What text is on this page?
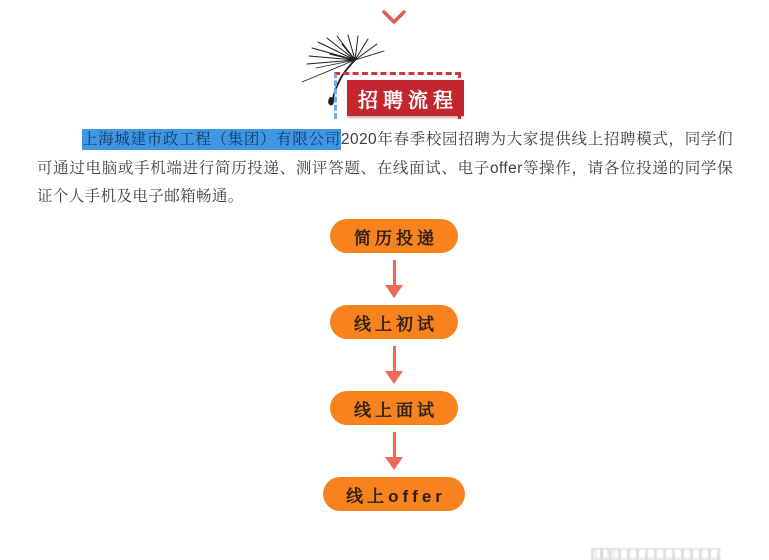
招聘流程

上海城建市政工程（集团）有限公司2020年春季校园招聘为大家提供线上招聘模式，同学们可通过电脑或手机端进行简历投递、测评答题、在线面试、电子offer等操作，请各位投递的同学保证个人手机及电子邮箱畅通。

简历投递
线上初试
线上面试
线上offer
